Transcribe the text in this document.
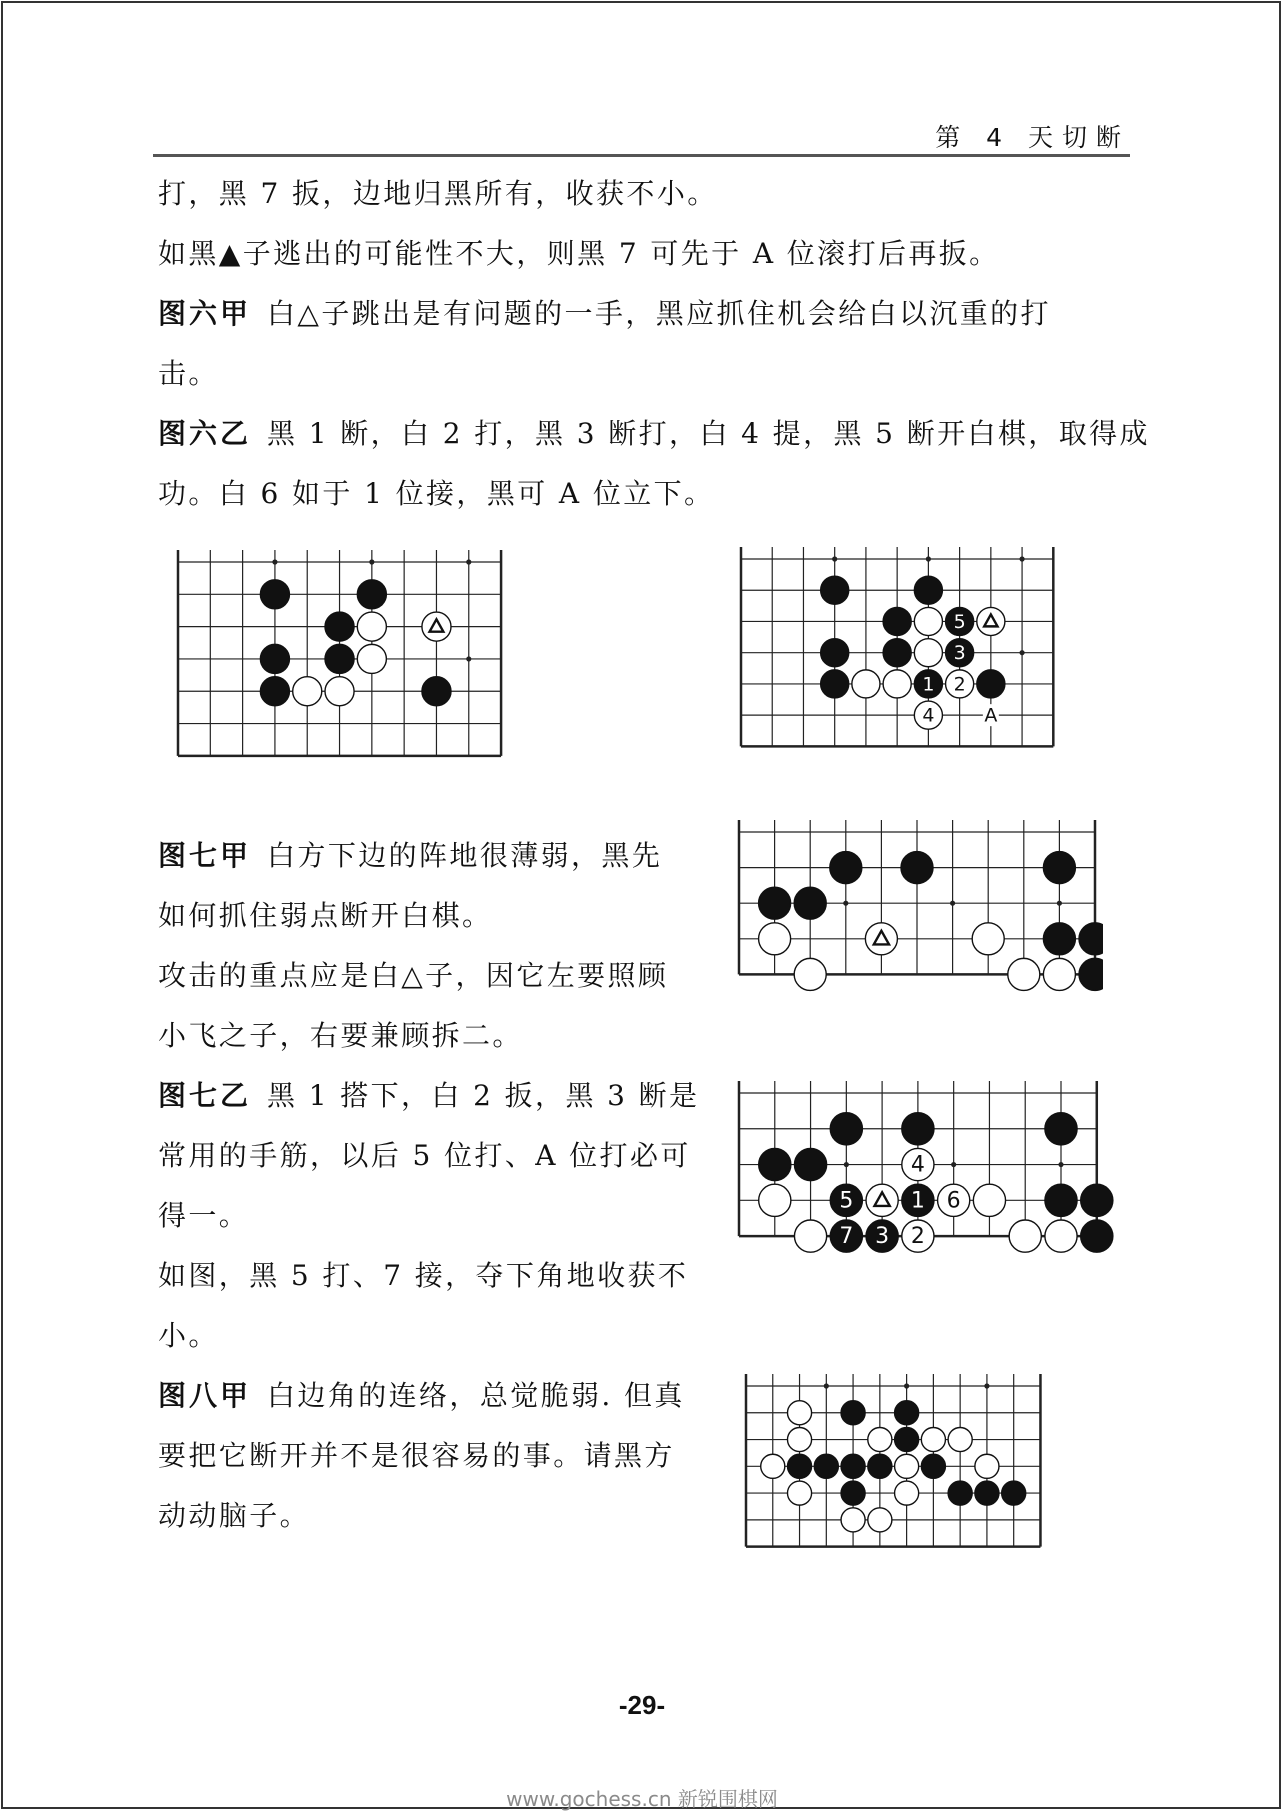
第 4 天切断
打，黑 7 扳，边地归黑所有，收获不小。
如黑▲子逃出的可能性不大，则黑 7 可先于 A 位滚打后再扳。
图六甲 白△子跳出是有问题的一手，黑应抓住机会给白以沉重的打
击。
图六乙 黑 1 断，白 2 打，黑 3 断打，白 4 提，黑 5 断开白棋，取得成
功。白 6 如于 1 位接，黑可 A 位立下。
5
3
1 2
4	A
图七甲 白方下边的阵地很薄弱，黑先
如何抓住弱点断开白棋。
攻击的重点应是白△子，因它左要照顾
小飞之子，右要兼顾拆二。
图七乙 黑 1 搭下，白 2 扳，黑 3 断是
常用的手筋，以后 5 位打、A 位打必可
得一。
如图，黑 5 打、7 接，夺下角地收获不
小。
4
5	1 6
7 3 2
图八甲 白边角的连络，总觉脆弱. 但真
要把它断开并不是很容易的事。请黑方
动动脑子。
-29-
www.gochess.cn 新锐围棋网
